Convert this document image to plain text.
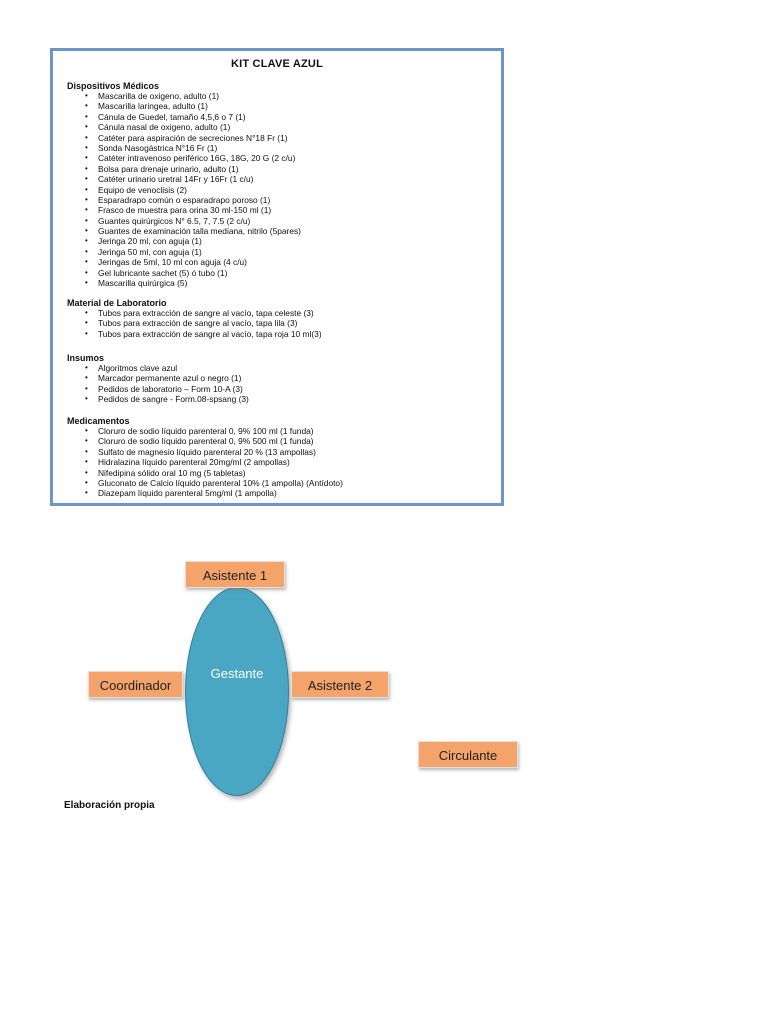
KIT CLAVE AZUL
Dispositivos Médicos
• Mascarilla de oxigeno, adulto (1)
• Mascarilla laringea, adulto (1)
• Cánula de Guedel, tamaño 4,5,6 o 7 (1)
• Cánula nasal de oxigeno, adulto (1)
• Catéter para aspiración de secreciones N°18 Fr (1)
• Sonda Nasogástrica N°16 Fr (1)
• Catéter intravenoso periférico 16G, 18G, 20 G (2 c/u)
• Bolsa para drenaje urinario, adulto (1)
• Catéter urinario uretral 14Fr y 16Fr (1 c/u)
• Equipo de venoclisis (2)
• Esparadrapo común o esparadrapo poroso (1)
• Frasco de muestra para orina 30 ml-150 ml (1)
• Guantes quirúrgicos N° 6.5, 7, 7.5 (2 c/u)
• Guantes de examinación talla mediana, nitrilo (5pares)
• Jeringa 20 ml, con aguja (1)
• Jeringa 50 ml, con aguja (1)
• Jeringas de 5ml, 10 ml con aguja (4 c/u)
• Gel lubricante sachet (5) ó tubo (1)
• Mascarilla quirúrgica (5)
Material de Laboratorio
• Tubos para extracción de sangre al vacío, tapa celeste (3)
• Tubos para extracción de sangre al vacío, tapa lila (3)
• Tubos para extracción de sangre al vacío, tapa roja 10 ml(3)
Insumos
• Algoritmos clave azul
• Marcador permanente azul o negro (1)
• Pedidos de laboratorio – Form 10-A (3)
• Pedidos de sangre - Form.08-spsang (3)
Medicamentos
• Cloruro de sodio líquido parenteral 0, 9% 100 ml (1 funda)
• Cloruro de sodio líquido parenteral 0, 9% 500 ml (1 funda)
• Sulfato de magnesio líquido parenteral 20 % (13 ampollas)
• Hidralazina líquido parenteral 20mg/ml (2 ampollas)
• Nifedipina sólido oral 10 mg (5 tabletas)
• Gluconato de Calcio líquido parenteral 10% (1 ampolla) (Antídoto)
• Diazepam líquido parenteral 5mg/ml (1 ampolla)
Gestante
Asistente 1
Coordinador	Asistente 2
Circulante
Elaboración propia
